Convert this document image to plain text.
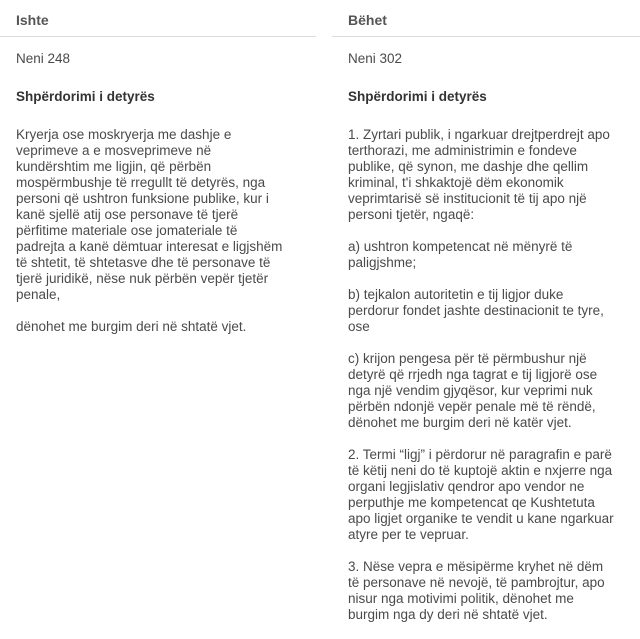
Ishte
Neni 248
Shpërdorimi i detyrës
Kryerja ose moskryerja me dashje e
veprimeve a e mosveprimeve në
kundërshtim me ligjin, që përbën
mospërmbushje të rregullt të detyrës, nga
personi që ushtron funksione publike, kur i
kanë sjellë atij ose personave të tjerë
përfitime materiale ose jomateriale të
padrejta a kanë dëmtuar interesat e ligjshëm
të shtetit, të shtetasve dhe të personave të
tjerë juridikë, nëse nuk përbën vepër tjetër
penale,
dënohet me burgim deri në shtatë vjet.
Bëhet
Neni 302
Shpërdorimi i detyrës
1. Zyrtari publik, i ngarkuar drejtperdrejt apo
terthorazi, me administrimin e fondeve
publike, që synon, me dashje dhe qellim
kriminal, t'i shkaktojë dëm ekonomik
veprimtarisë së institucionit të tij apo një
personi tjetër, ngaqë:
a) ushtron kompetencat në mënyrë të
paligjshme;
b) tejkalon autoritetin e tij ligjor duke
perdorur fondet jashte destinacionit te tyre,
ose
c) krijon pengesa për të përmbushur një
detyrë që rrjedh nga tagrat e tij ligjorë ose
nga një vendim gjyqësor, kur veprimi nuk
përbën ndonjë vepër penale më të rëndë,
dënohet me burgim deri në katër vjet.
2. Termi “ligj” i përdorur në paragrafin e parë
të këtij neni do të kuptojë aktin e nxjerre nga
organi legjislativ qendror apo vendor ne
perputhje me kompetencat qe Kushtetuta
apo ligjet organike te vendit u kane ngarkuar
atyre per te vepruar.
3. Nëse vepra e mësipërme kryhet në dëm
të personave në nevojë, të pambrojtur, apo
nisur nga motivimi politik, dënohet me
burgim nga dy deri në shtatë vjet.
